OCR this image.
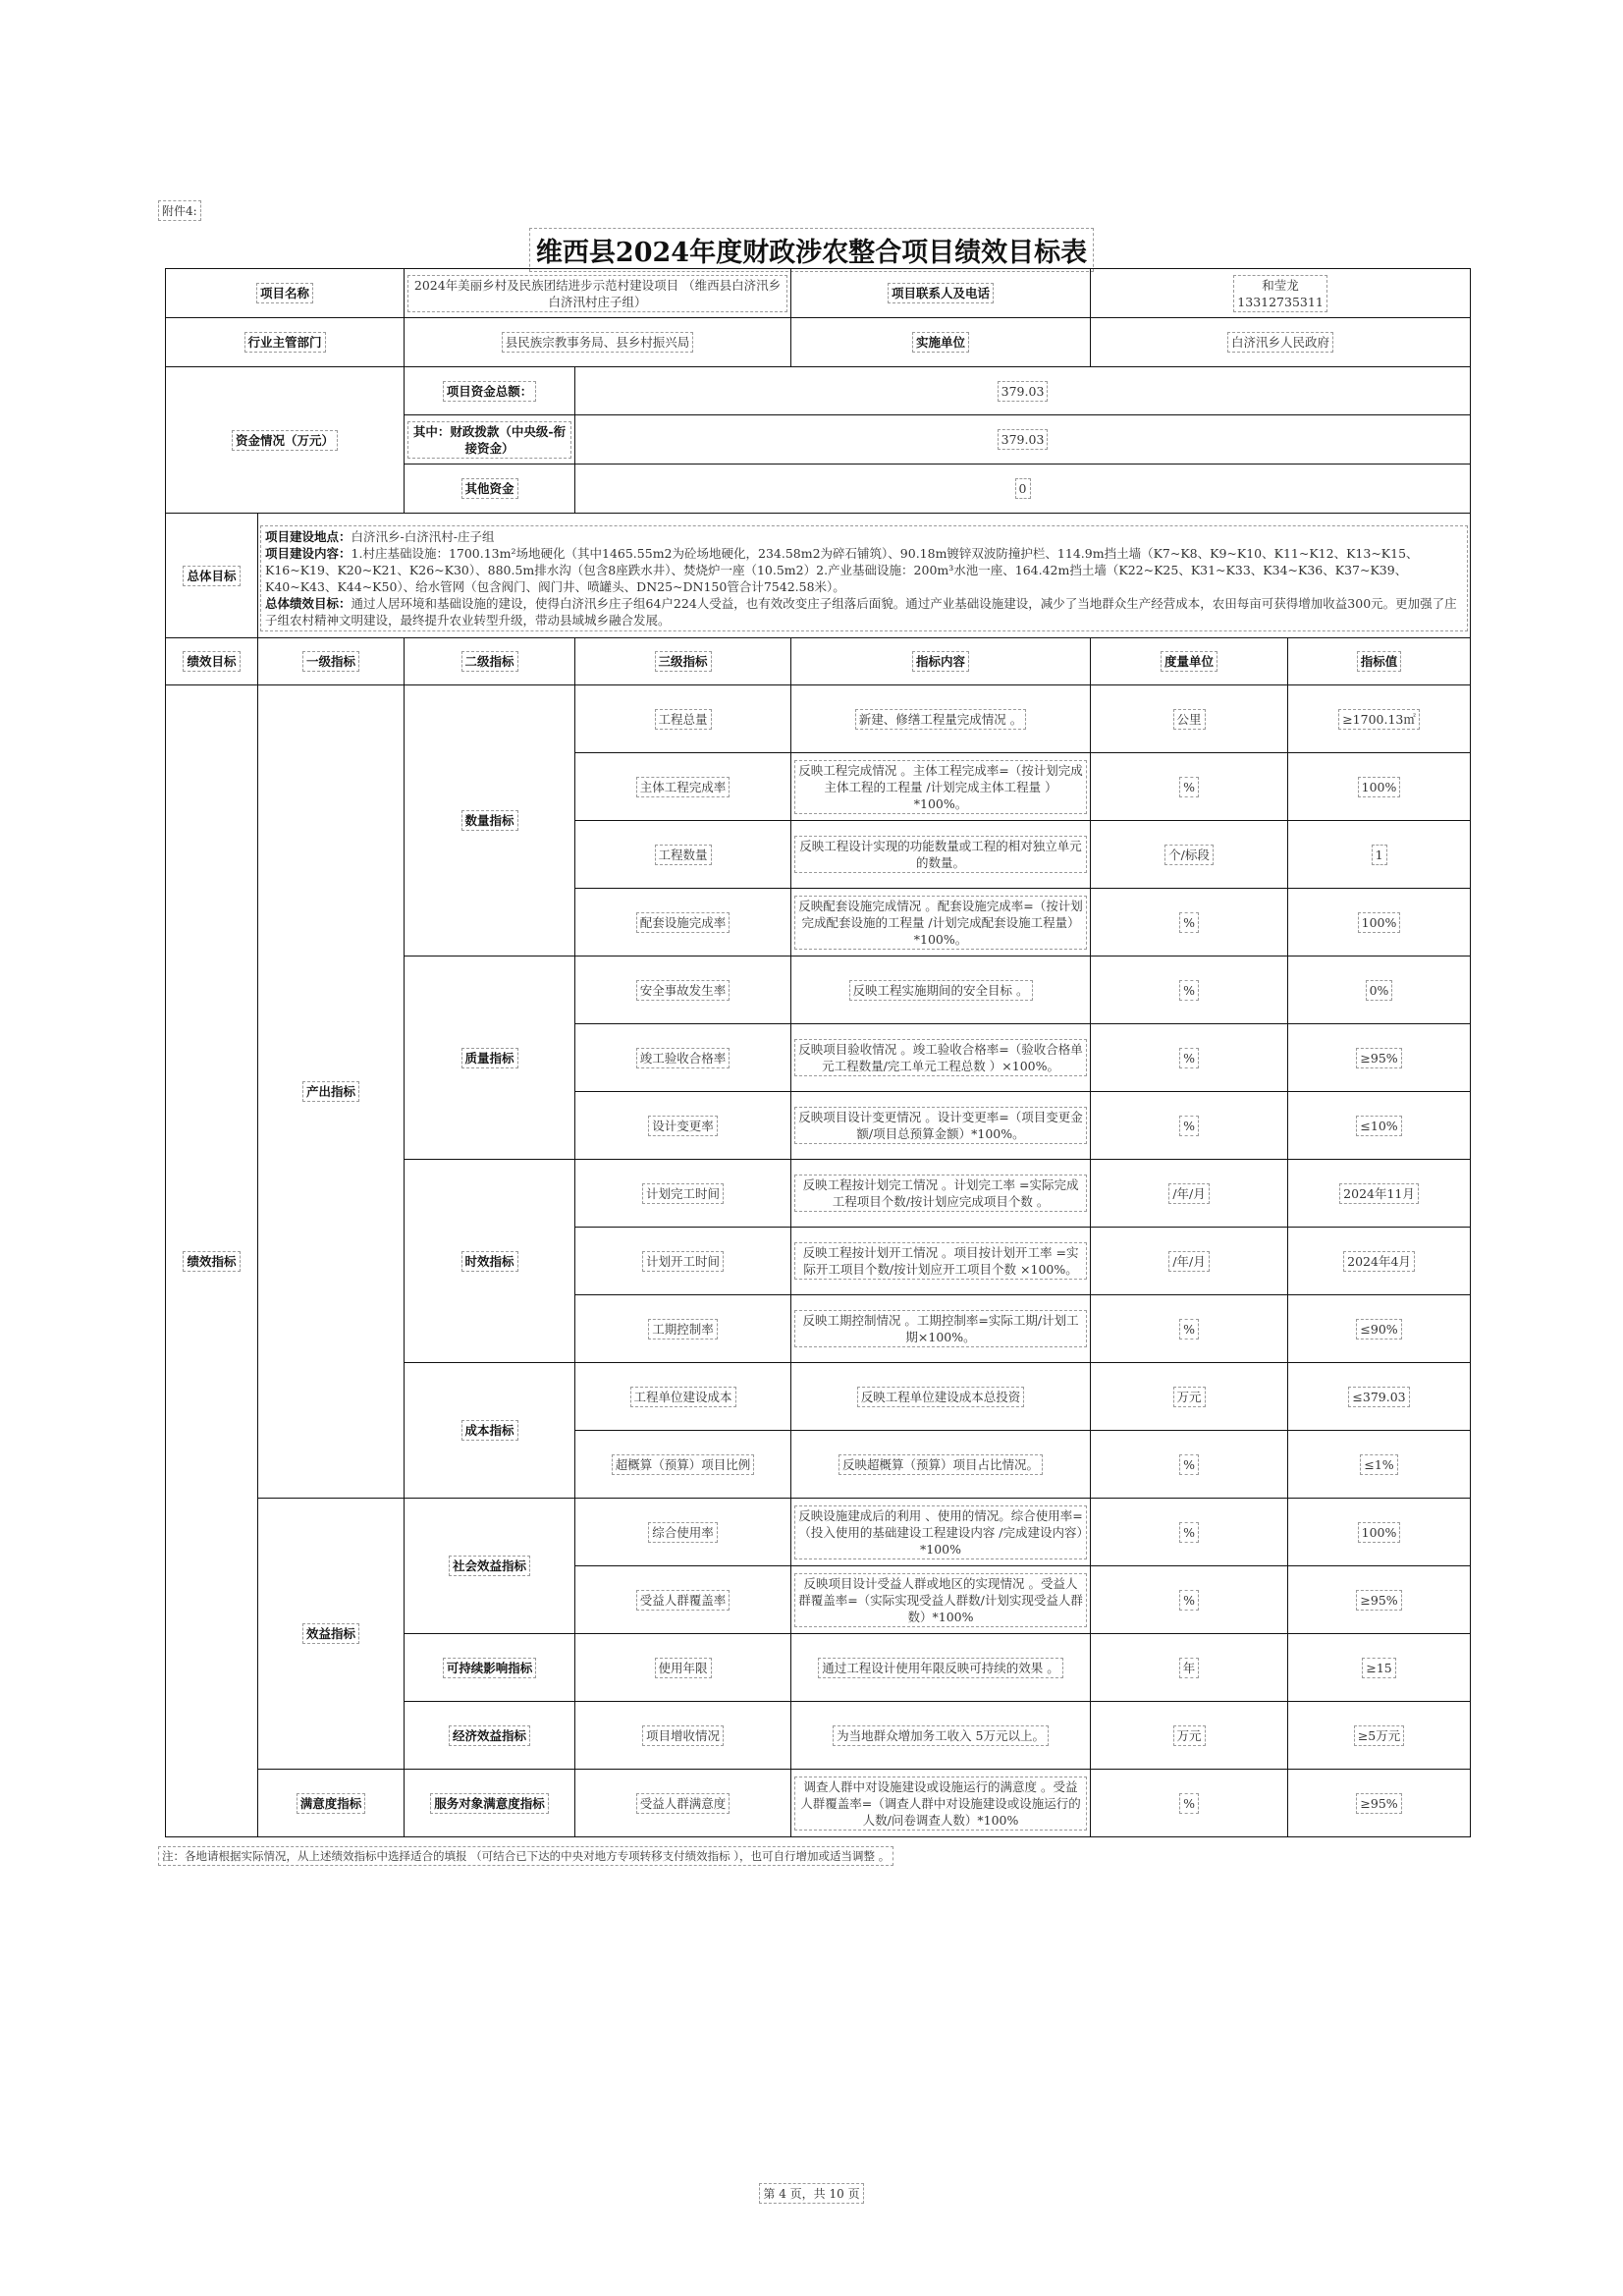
附件4:
维西县2024年度财政涉农整合项目绩效目标表
项目名称		2024年美丽乡村及民族团结进步示范村建设项目 （维西县白济汛乡白济汛村庄子组）		项目联系人及电话	和莹龙
13312735311	
行业主管部门		县民族宗教事务局、县乡村振兴局		实施单位	白济汛乡人民政府	
资金情况（万元）		项目资金总额：	379.03			
		其中：财政拨款（中央级-衔接资金）	379.03			
		其他资金	0			
总体目标	项目建设地点：白济汛乡-白济汛村-庄子组
项目建设内容：1.村庄基础设施：1700.13m²场地硬化（其中1465.55m2为砼场地硬化，234.58m2为碎石铺筑）、90.18m镀锌双波防撞护栏、114.9m挡土墙（K7~K8、K9~K10、K11~K12、K13~K15、K16~K19、K20~K21、K26~K30）、880.5m排水沟（包含8座跌水井）、焚烧炉一座（10.5m2）2.产业基础设施：200m³水池一座、164.42m挡土墙（K22~K25、K31~K33、K34~K36、K37~K39、K40~K43、K44~K50）、给水管网（包含阀门、阀门井、喷罐头、DN25~DN150管合计7542.58米）。
总体绩效目标：通过人居环境和基础设施的建设，使得白济汛乡庄子组64户224人受益，也有效改变庄子组落后面貌。通过产业基础设施建设，减少了当地群众生产经营成本，农田每亩可获得增加收益300元。更加强了庄子组农村精神文明建设，最终提升农业转型升级，带动县域城乡融合发展。					

绩效目标	一级指标	二级指标	三级指标	指标内容	度量单位	指标值
绩效指标	产出指标	数量指标	工程总量	新建、修缮工程量完成情况 。	公里	≥1700.13㎡
			主体工程完成率	反映工程完成情况 。主体工程完成率=（按计划完成主体工程的工程量 /计划完成主体工程量 ）*100%。	%	100%
			工程数量	反映工程设计实现的功能数量或工程的相对独立单元的数量。	个/标段	1
			配套设施完成率	反映配套设施完成情况 。配套设施完成率=（按计划完成配套设施的工程量 /计划完成配套设施工程量）*100%。	%	100%
		质量指标	安全事故发生率	反映工程实施期间的安全目标 。	%	0%
			竣工验收合格率	反映项目验收情况 。竣工验收合格率=（验收合格单元工程数量/完工单元工程总数 ）×100%。	%	≥95%
			设计变更率	反映项目设计变更情况 。设计变更率=（项目变更金额/项目总预算金额）*100%。	%	≤10%
		时效指标	计划完工时间	反映工程按计划完工情况 。计划完工率 =实际完成工程项目个数/按计划应完成项目个数 。	/年/月	2024年11月
			计划开工时间	反映工程按计划开工情况 。项目按计划开工率 =实际开工项目个数/按计划应开工项目个数 ×100%。	/年/月	2024年4月
			工期控制率	反映工期控制情况 。工期控制率=实际工期/计划工期×100%。	%	≤90%
		成本指标	工程单位建设成本	反映工程单位建设成本总投资	万元	≤379.03
			超概算（预算）项目比例	反映超概算（预算）项目占比情况。	%	≤1%
	效益指标	社会效益指标	综合使用率	反映设施建成后的利用 、使用的情况。综合使用率=（投入使用的基础建设工程建设内容 /完成建设内容）*100%	%	100%
			受益人群覆盖率	反映项目设计受益人群或地区的实现情况 。受益人群覆盖率=（实际实现受益人群数/计划实现受益人群数）*100%	%	≥95%
		可持续影响指标	使用年限	通过工程设计使用年限反映可持续的效果 。	年	≥15
		经济效益指标	项目增收情况	为当地群众增加务工收入 5万元以上。	万元	≥5万元
	满意度指标	服务对象满意度指标	受益人群满意度	调查人群中对设施建设或设施运行的满意度 。受益人群覆盖率=（调查人群中对设施建设或设施运行的人数/问卷调查人数）*100%	%	≥95%
注：各地请根据实际情况，从上述绩效指标中选择适合的填报 （可结合已下达的中央对地方专项转移支付绩效指标 ），也可自行增加或适当调整 。
第 4 页，共 10 页
